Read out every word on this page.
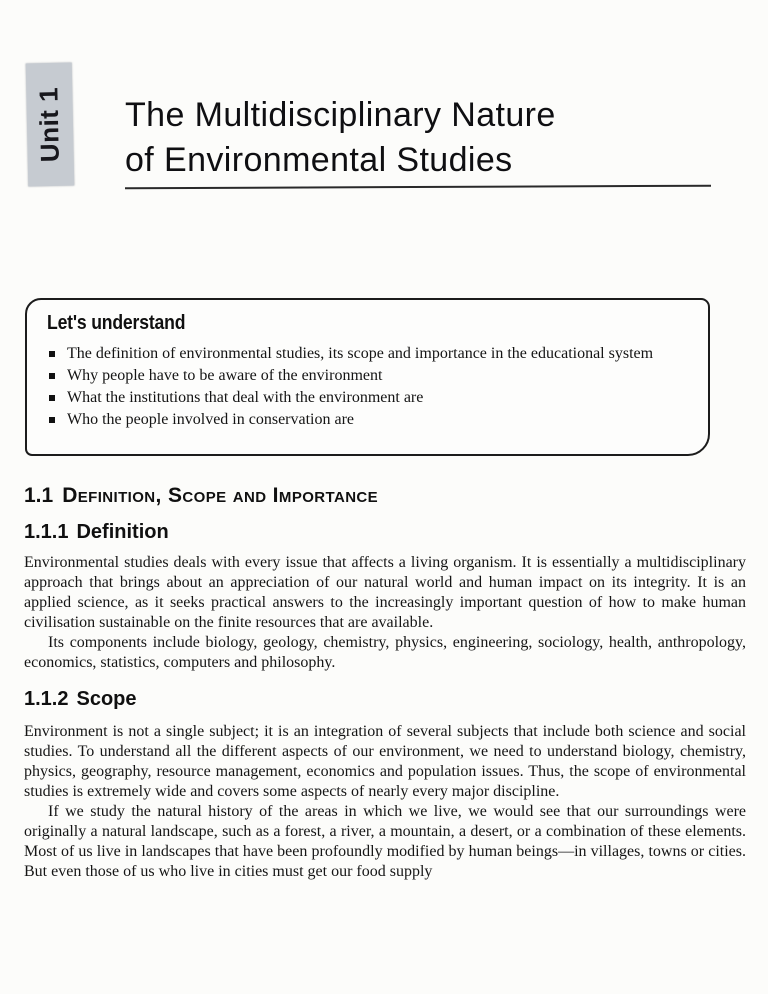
Unit 1 The Multidisciplinary Nature
of Environmental Studies
Let's understand
The definition of environmental studies, its scope and importance in the educational system
Why people have to be aware of the environment
What the institutions that deal with the environment are
Who the people involved in conservation are
1.1 Definition, Scope and Importance
1.1.1 Definition

Environmental studies deals with every issue that affects a living organism. It is essentially a multidisciplinary approach that brings about an appreciation of our natural world and human impact on its integrity. It is an applied science, as it seeks practical answers to the increasingly important question of how to make human civilisation sustainable on the finite resources that are available.

Its components include biology, geology, chemistry, physics, engineering, sociology, health, anthropology, economics, statistics, computers and philosophy.

1.1.2 Scope

Environment is not a single subject; it is an integration of several subjects that include both science and social studies. To understand all the different aspects of our environment, we need to understand biology, chemistry, physics, geography, resource management, economics and population issues. Thus, the scope of environmental studies is extremely wide and covers some aspects of nearly every major discipline.

If we study the natural history of the areas in which we live, we would see that our surroundings were originally a natural landscape, such as a forest, a river, a mountain, a desert, or a combination of these elements. Most of us live in landscapes that have been profoundly modified by human beings—in villages, towns or cities. But even those of us who live in cities must get our food supply
